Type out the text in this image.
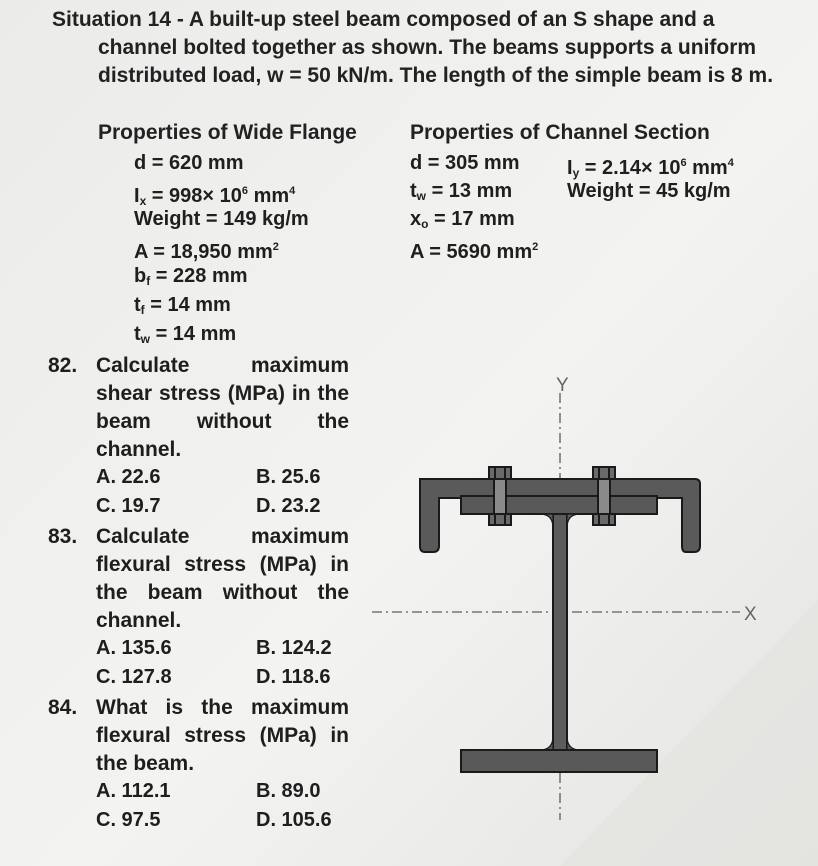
Situation 14 - A built-up steel beam composed of an S shape and a
channel bolted together as shown. The beams supports a uniform
distributed load, w = 50 kN/m. The length of the simple beam is 8 m.
Properties of Wide Flange
d = 620 mm
$I_x = 998\times 10^6$ $mm^4$
Weight = 149 kg/m
A = 18,950 $mm^2$
$b_f = 228$ mm
$t_f = 14$ mm
$t_w = 14$ mm
Properties of Channel Section
d = 305 mm $I_y = 2.14\times 10^6$ $mm^4$
$t_w = 13$ mm	Weight = 45 kg/m
$x_o = 17$ mm
A = 5690 $mm^2$
82. Calculate maximum shear stress (MPa) in the beam without the channel.
A. 22.6	B. 25.6
C. 19.7	D. 23.2
83. Calculate maximum flexural stress (MPa) in the beam without the channel.
A. 135.6	B. 124.2
C. 127.8	D. 118.6
84. What is the maximum flexural stress (MPa) in the beam.
A. 112.1	B. 89.0
C. 97.5	D. 105.6
Y
X
